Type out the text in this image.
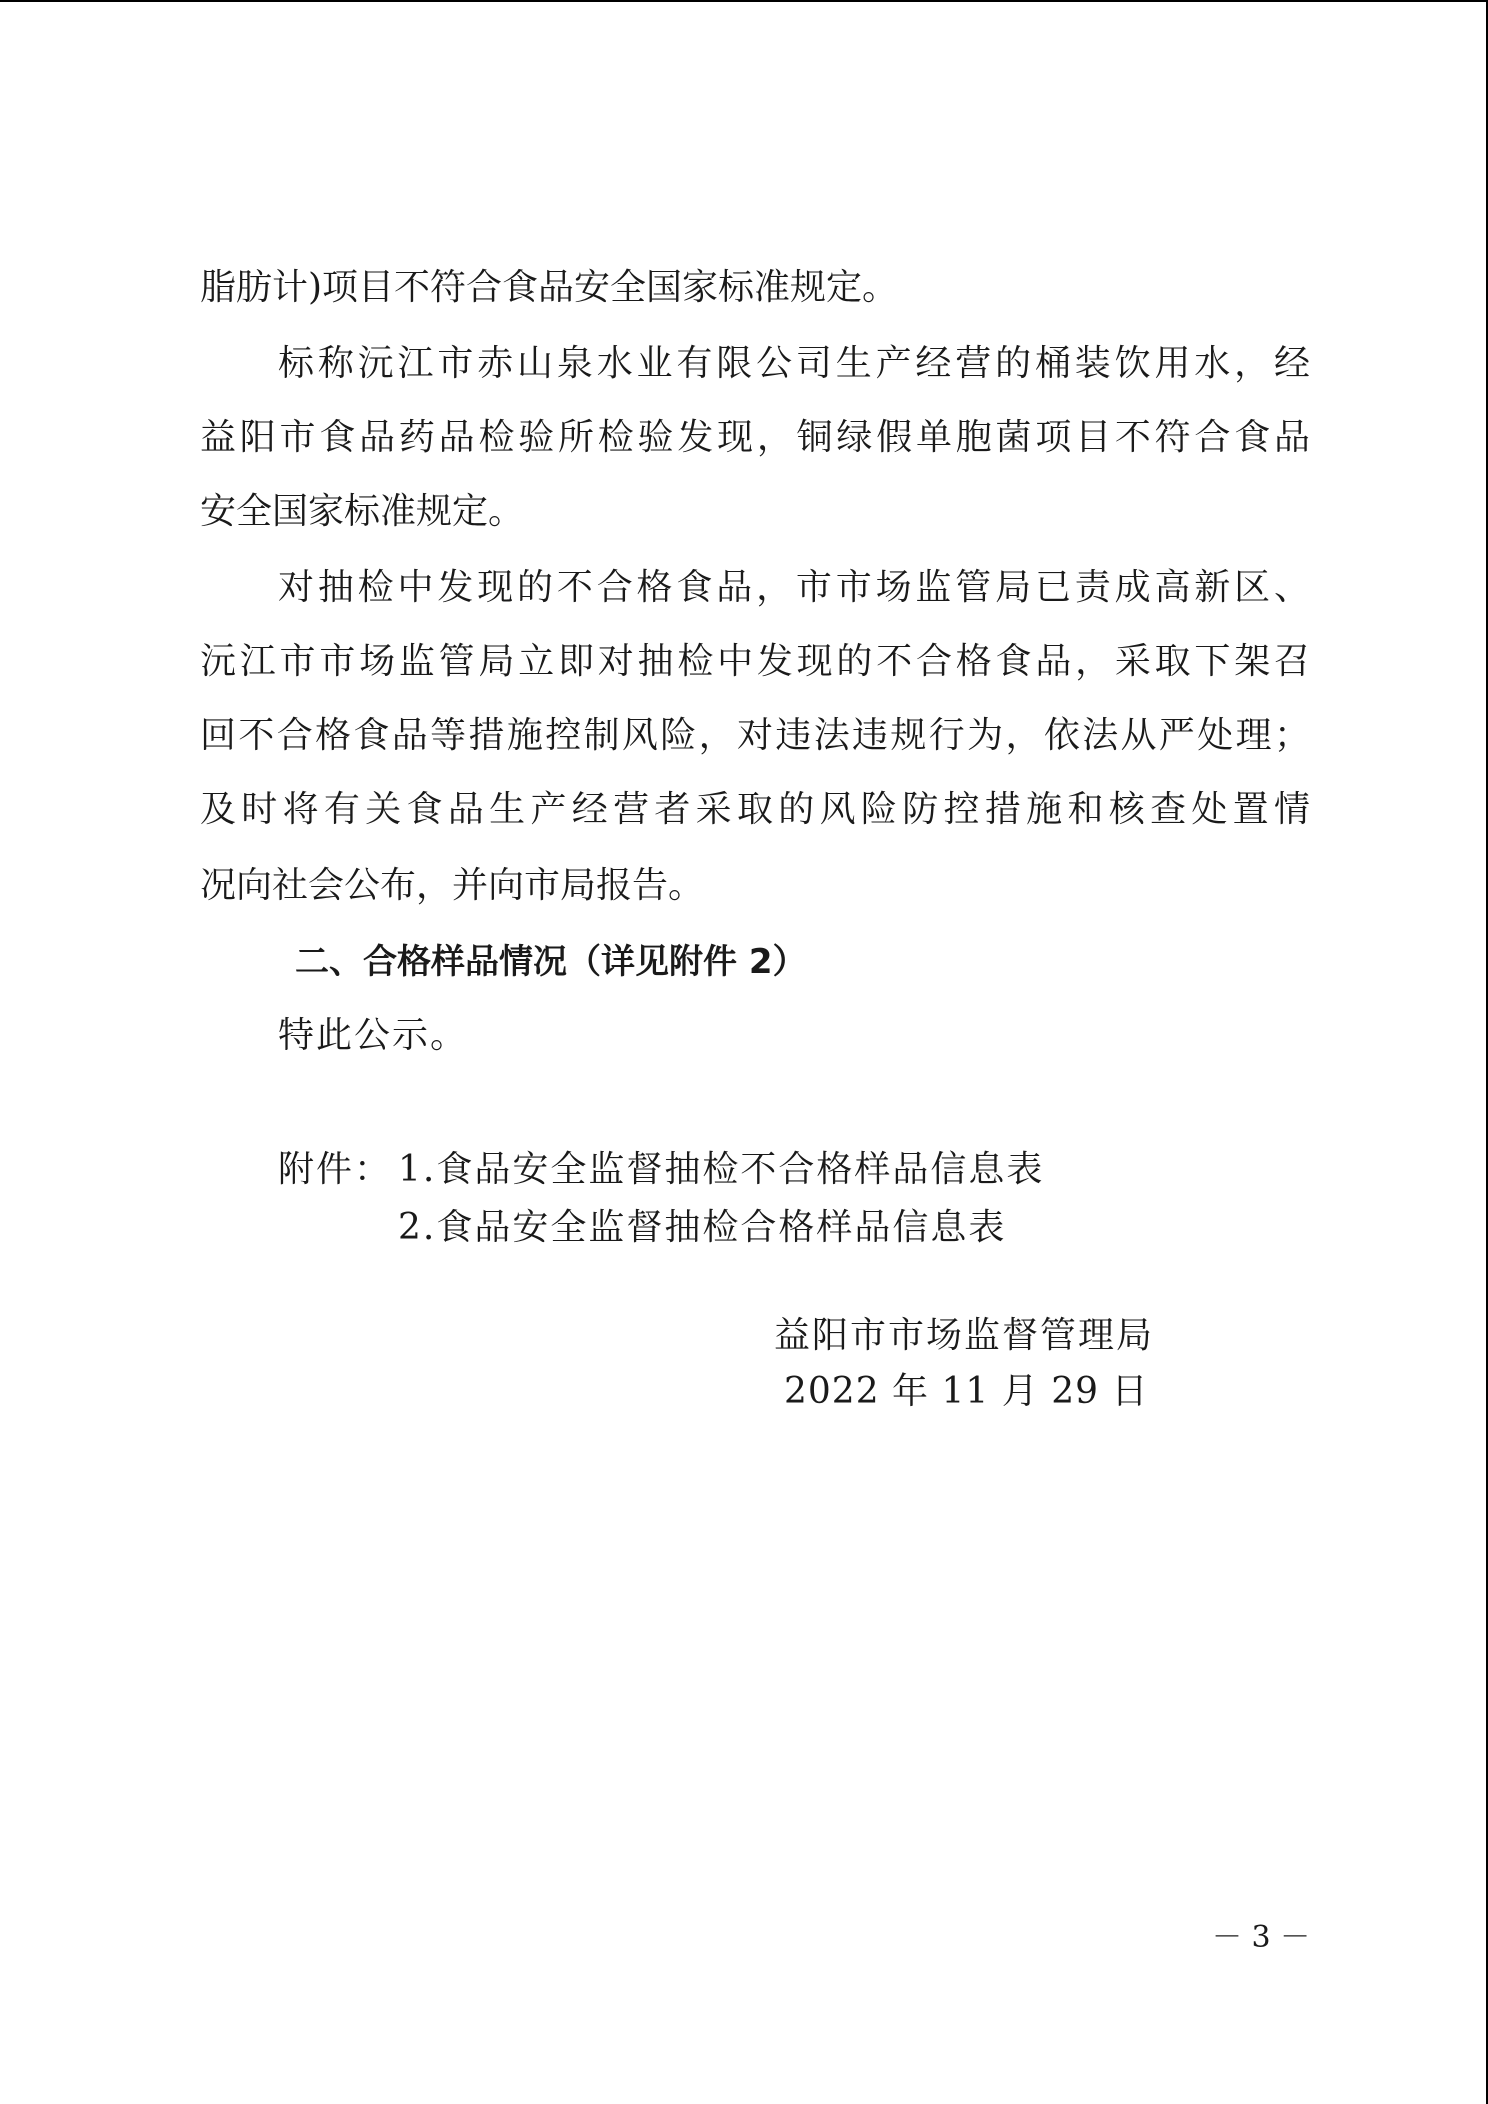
脂肪计)项目不符合食品安全国家标准规定。
标称沅江市赤山泉水业有限公司生产经营的桶装饮用水，经
益阳市食品药品检验所检验发现，铜绿假单胞菌项目不符合食品
安全国家标准规定。
对抽检中发现的不合格食品，市市场监管局已责成高新区、
沅江市市场监管局立即对抽检中发现的不合格食品，采取下架召
回不合格食品等措施控制风险，对违法违规行为，依法从严处理；
及时将有关食品生产经营者采取的风险防控措施和核查处置情
况向社会公布，并向市局报告。
二、合格样品情况（详见附件 2）
特此公示。
附件： 1.食品安全监督抽检不合格样品信息表
2.食品安全监督抽检合格样品信息表
益阳市市场监督管理局
2022 年 11 月 29 日
－ 3 －
